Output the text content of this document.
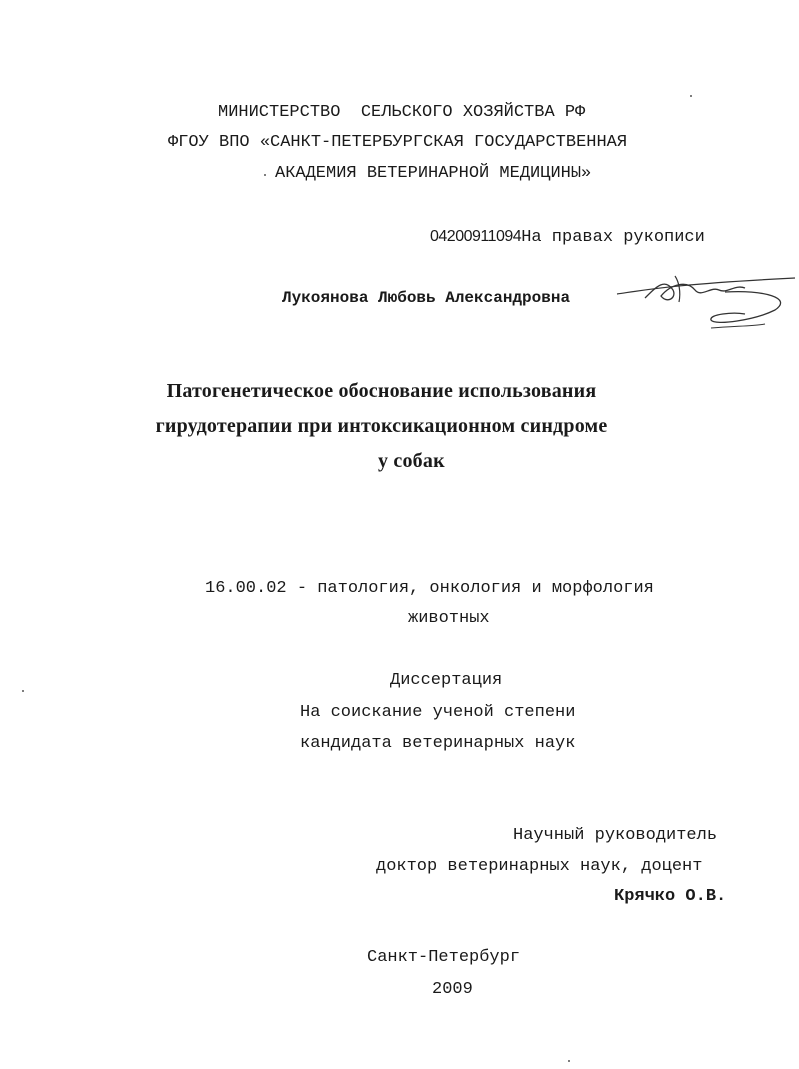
МИНИСТЕРСТВО  СЕЛЬСКОГО ХОЗЯЙСТВА РФ
ФГОУ ВПО «САНКТ-ПЕТЕРБУРГСКАЯ ГОСУДАРСТВЕННАЯ
АКАДЕМИЯ ВЕТЕРИНАРНОЙ МЕДИЦИНЫ»
04200911094На правах рукописи
Лукоянова Любовь Александровна
Патогенетическое обоснование использования
гирудотерапии при интоксикационном синдроме
у собак
16.00.02 - патология, онкология и морфология
животных
Диссертация
На соискание ученой степени
кандидата ветеринарных наук
Научный руководитель
доктор ветеринарных наук, доцент
Крячко О.В.
Санкт-Петербург
2009
